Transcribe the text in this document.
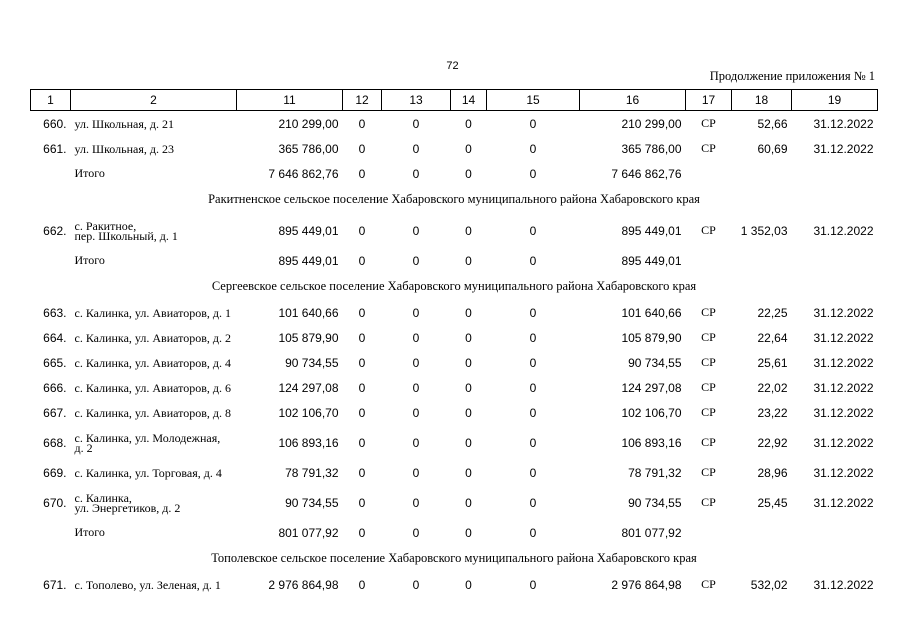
72
Продолжение приложения № 1
1	2	11	12	13	14	15	16	17	18	19
660.	ул. Школьная, д. 21	210 299,00	0	0	0	0	210 299,00	СР	52,66	31.12.2022
661.	ул. Школьная, д. 23	365 786,00	0	0	0	0	365 786,00	СР	60,69	31.12.2022
	Итого	7 646 862,76	0	0	0	0	7 646 862,76			
Ракитненское сельское поселение Хабаровского муниципального района Хабаровского края										
662.	с. Ракитное,
пер. Школьный, д. 1	895 449,01	0	0	0	0	895 449,01	СР	1 352,03	31.12.2022
	Итого	895 449,01	0	0	0	0	895 449,01			
Сергеевское сельское поселение Хабаровского муниципального района Хабаровского края										
663.	с. Калинка, ул. Авиаторов, д. 1	101 640,66	0	0	0	0	101 640,66	СР	22,25	31.12.2022
664.	с. Калинка, ул. Авиаторов, д. 2	105 879,90	0	0	0	0	105 879,90	СР	22,64	31.12.2022
665.	с. Калинка, ул. Авиаторов, д. 4	90 734,55	0	0	0	0	90 734,55	СР	25,61	31.12.2022
666.	с. Калинка, ул. Авиаторов, д. 6	124 297,08	0	0	0	0	124 297,08	СР	22,02	31.12.2022
667.	с. Калинка, ул. Авиаторов, д. 8	102 106,70	0	0	0	0	102 106,70	СР	23,22	31.12.2022
668.	с. Калинка, ул. Молодежная,
д. 2	106 893,16	0	0	0	0	106 893,16	СР	22,92	31.12.2022
669.	с. Калинка, ул. Торговая, д. 4	78 791,32	0	0	0	0	78 791,32	СР	28,96	31.12.2022
670.	с. Калинка,
ул. Энергетиков, д. 2	90 734,55	0	0	0	0	90 734,55	СР	25,45	31.12.2022
	Итого	801 077,92	0	0	0	0	801 077,92			
Тополевское сельское поселение Хабаровского муниципального района Хабаровского края										
671.	с. Тополево, ул. Зеленая, д. 1	2 976 864,98	0	0	0	0	2 976 864,98	СР	532,02	31.12.2022
